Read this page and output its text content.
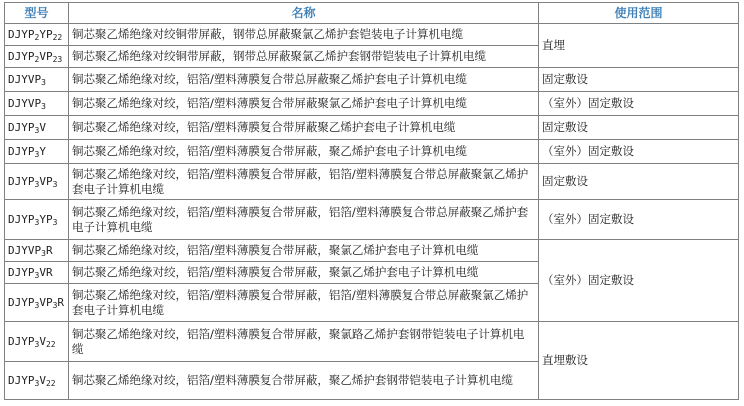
型号	名称	使用范围
$DJYP_2YP_{22}$	铜芯聚乙烯绝缘对绞铜带屏蔽，钢带总屏蔽聚氯乙烯护套铠装电子计算机电缆	直埋
$DJYP_2VP_{23}$	铜芯聚乙烯绝缘对绞铜带屏蔽，钢带总屏蔽聚氯乙烯护套钢带铠装电子计算机电缆	
$DJYVP_3$	铜芯聚乙烯绝缘对绞，铝箔/塑料薄膜复合带总屏蔽聚乙烯护套电子计算机电缆	固定敷设
$DJYVP_3$	铜芯聚乙烯绝缘对绞，铝箔/塑料薄膜复合带屏蔽聚氯乙烯护套电子计算机电缆	（室外）固定敷设
$DJYP_3V$	铜芯聚乙烯绝缘对绞，铝箔/塑料薄膜复合带屏蔽聚乙烯护套电子计算机电缆	固定敷设
$DJYP_3Y$	铜芯聚乙烯绝缘对绞，铝箔/塑料薄膜复合带屏蔽，聚乙烯护套电子计算机电缆	（室外）固定敷设
$DJYP_3VP_3$	铜芯聚乙烯绝缘对绞，铝箔/塑料薄膜复合带屏蔽，铝箔/塑料薄膜复合带总屏蔽聚氯乙烯护套电子计算机电缆	固定敷设
$DJYP_3YP_3$	铜芯聚乙烯绝缘对绞，铝箔/塑料薄膜复合带屏蔽，铝箔/塑料薄膜复合带总屏蔽聚乙烯护套电子计算机电缆	（室外）固定敷设
$DJYVP_3R$	铜芯聚乙烯绝缘对绞，铝箔/塑料薄膜复合带屏蔽，聚氯乙烯护套电子计算机电缆	（室外）固定敷设
$DJYP_3VR$	铜芯聚乙烯绝缘对绞，铝箔/塑料薄膜复合带屏蔽，聚氯乙烯护套电子计算机电缆	
$DJYP_3VP_3R$	铜芯聚乙烯绝缘对绞，铝箔/塑料薄膜复合带屏蔽，铝箔/塑料薄膜复合带总屏蔽聚氯乙烯护套电子计算机电缆	
$DJYP_3V_{22}$	铜芯聚乙烯绝缘对绞，铝箔/塑料薄膜复合带屏蔽，聚氯路乙烯护套钢带铠装电子计算机电缆	直埋敷设
$DJYP_3V_{22}$	铜芯聚乙烯绝缘对绞，铝箔/塑料薄膜复合带屏蔽，聚乙烯护套钢带铠装电子计算机电缆	
